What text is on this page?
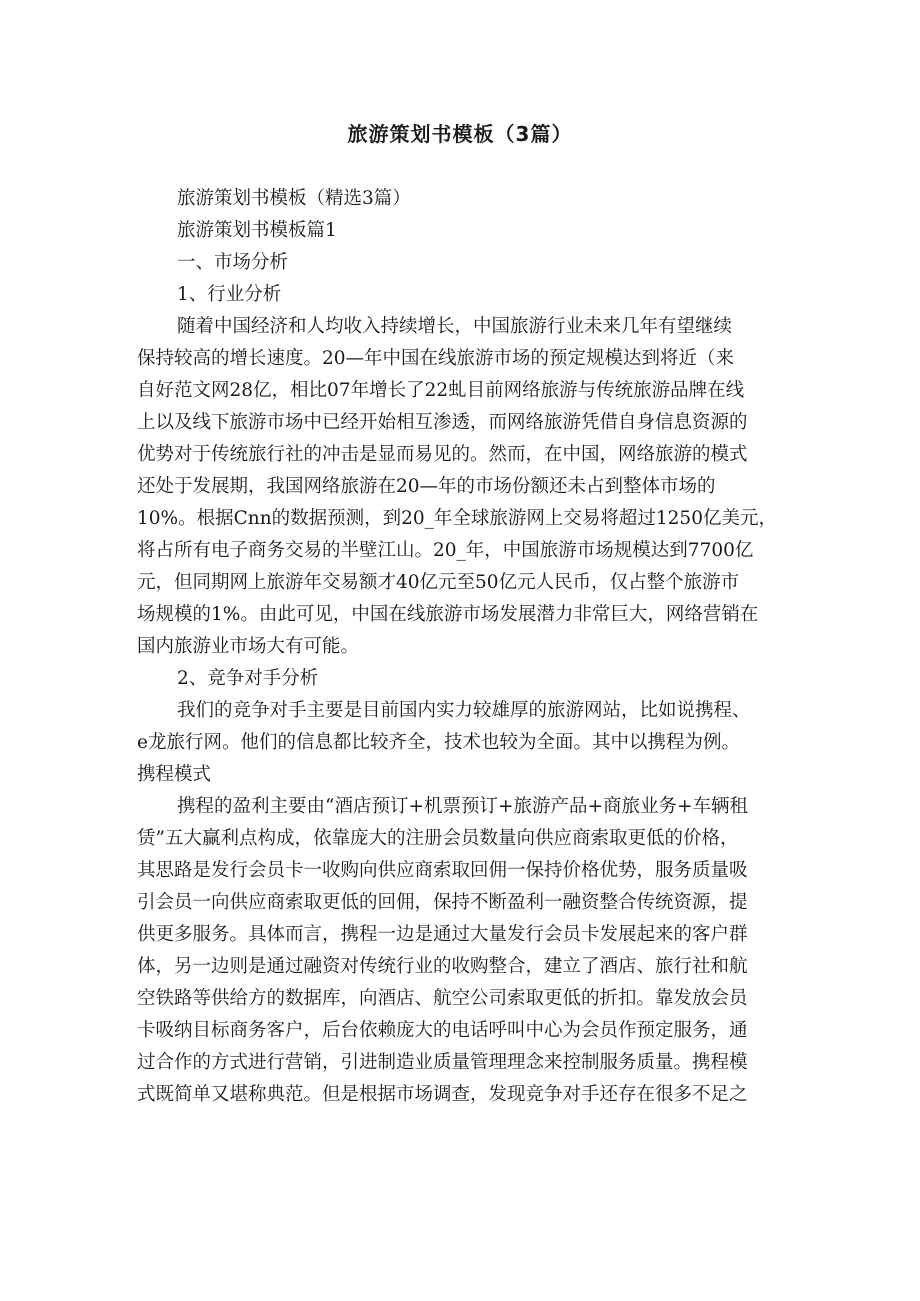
旅游策划书模板（3篇）
旅游策划书模板（精选3篇）
旅游策划书模板篇1
一、市场分析
1、行业分析
随着中国经济和人均收入持续增长，中国旅游行业未来几年有望继续
保持较高的增长速度。20—年中国在线旅游市场的预定规模达到将近（来
自好范文网28亿，相比07年增长了22虬目前网络旅游与传统旅游品牌在线
上以及线下旅游市场中已经开始相互渗透，而网络旅游凭借自身信息资源的
优势对于传统旅行社的冲击是显而易见的。然而，在中国，网络旅游的模式
还处于发展期，我国网络旅游在20—年的市场份额还未占到整体市场的
10%。根据Cnn的数据预测，到20_年全球旅游网上交易将超过1250亿美元，
将占所有电子商务交易的半壁江山。20_年，中国旅游市场规模达到7700亿
元，但同期网上旅游年交易额才40亿元至50亿元人民币，仅占整个旅游市
场规模的1%。由此可见，中国在线旅游市场发展潜力非常巨大，网络营销在
国内旅游业市场大有可能。
2、竞争对手分析
我们的竞争对手主要是目前国内实力较雄厚的旅游网站，比如说携程、
e龙旅行网。他们的信息都比较齐全，技术也较为全面。其中以携程为例。
携程模式
携程的盈利主要由“酒店预订+机票预订+旅游产品+商旅业务+车辆租
赁”五大赢利点构成，依靠庞大的注册会员数量向供应商索取更低的价格，
其思路是发行会员卡一收购向供应商索取回佣一保持价格优势，服务质量吸
引会员一向供应商索取更低的回佣，保持不断盈利一融资整合传统资源，提
供更多服务。具体而言，携程一边是通过大量发行会员卡发展起来的客户群
体，另一边则是通过融资对传统行业的收购整合，建立了酒店、旅行社和航
空铁路等供给方的数据库，向酒店、航空公司索取更低的折扣。靠发放会员
卡吸纳目标商务客户，后台依赖庞大的电话呼叫中心为会员作预定服务，通
过合作的方式进行营销，引进制造业质量管理理念来控制服务质量。携程模
式既简单又堪称典范。但是根据市场调查，发现竞争对手还存在很多不足之
